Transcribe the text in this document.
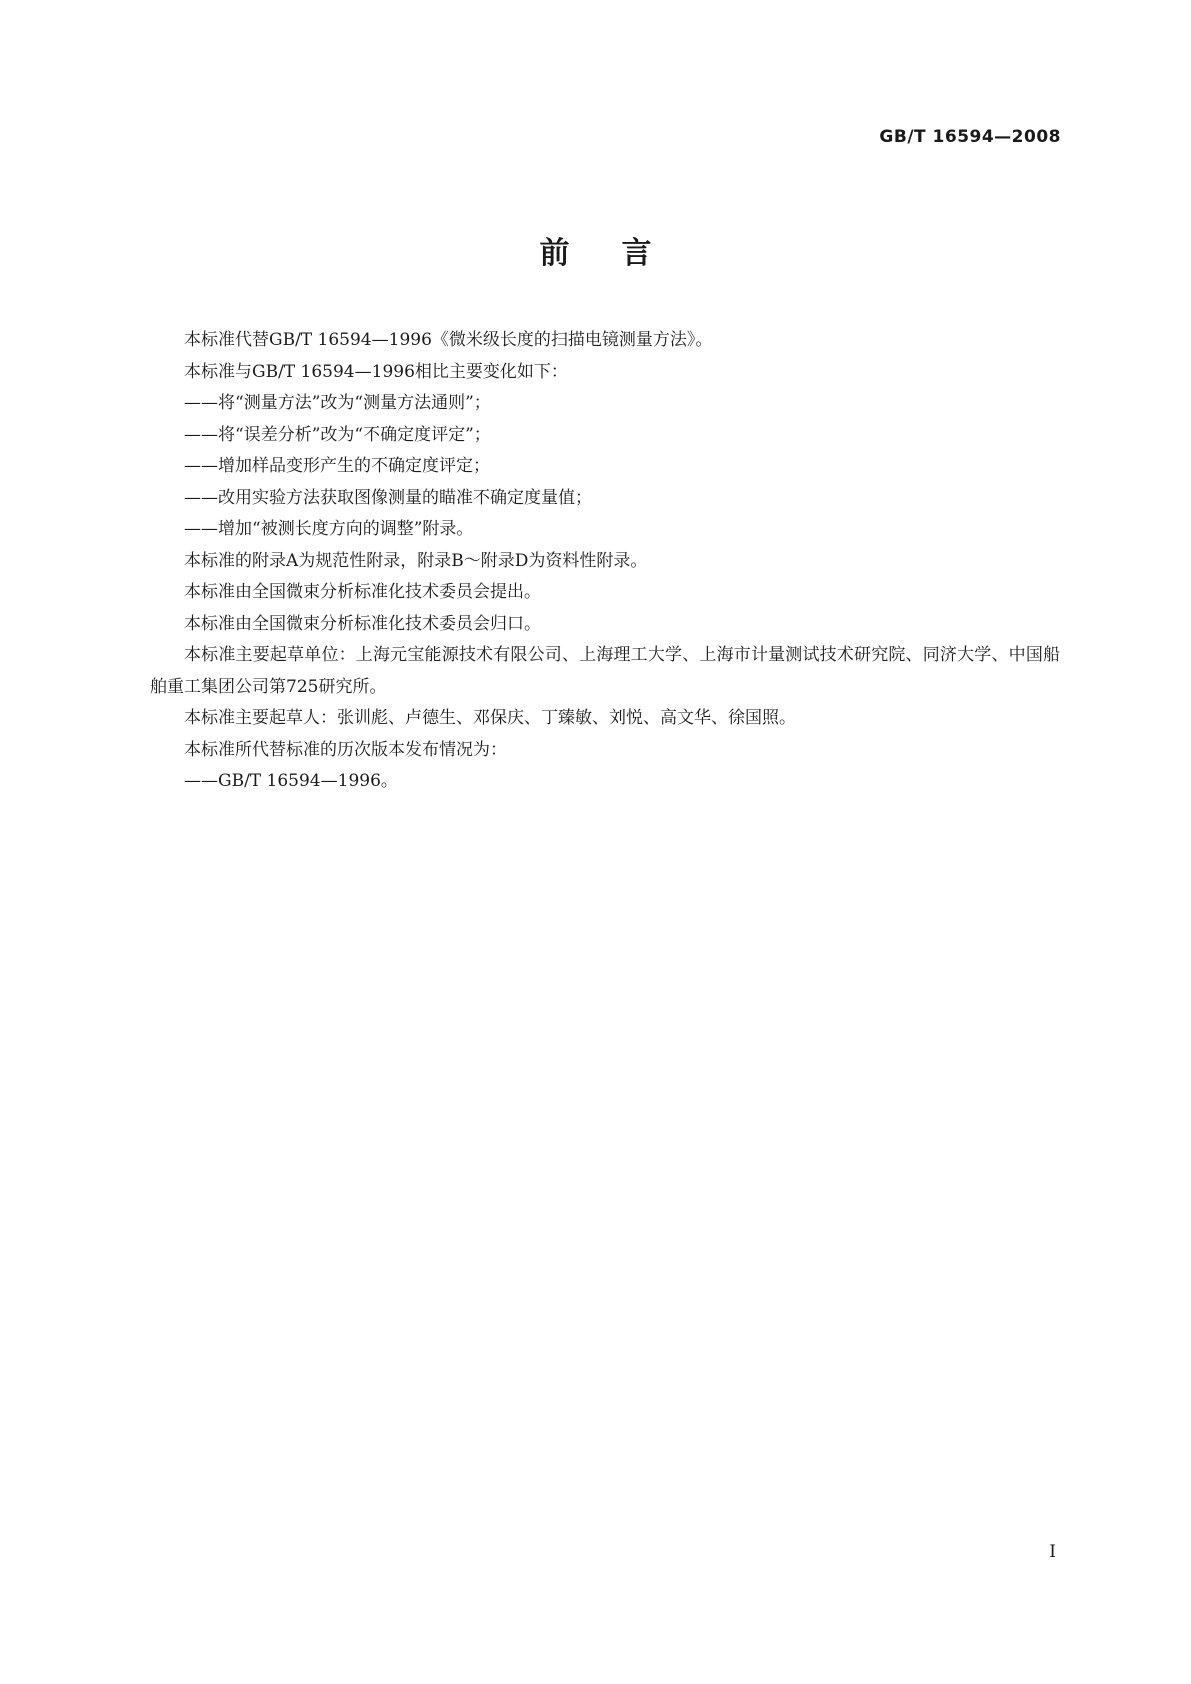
GB/T 16594—2008
前言

本标准代替GB/T 16594—1996《微米级长度的扫描电镜测量方法》。

本标准与GB/T 16594—1996相比主要变化如下：

——将“测量方法”改为“测量方法通则”；

——将“误差分析”改为“不确定度评定”；

——增加样品变形产生的不确定度评定；

——改用实验方法获取图像测量的瞄准不确定度量值；

——增加“被测长度方向的调整”附录。

本标准的附录A为规范性附录，附录B～附录D为资料性附录。

本标准由全国微束分析标准化技术委员会提出。

本标准由全国微束分析标准化技术委员会归口。

本标准主要起草单位：上海元宝能源技术有限公司、上海理工大学、上海市计量测试技术研究院、同济大学、中国船舶重工集团公司第725研究所。

本标准主要起草人：张训彪、卢德生、邓保庆、丁臻敏、刘悦、高文华、徐国照。

本标准所代替标准的历次版本发布情况为：

——GB/T 16594—1996。

I
